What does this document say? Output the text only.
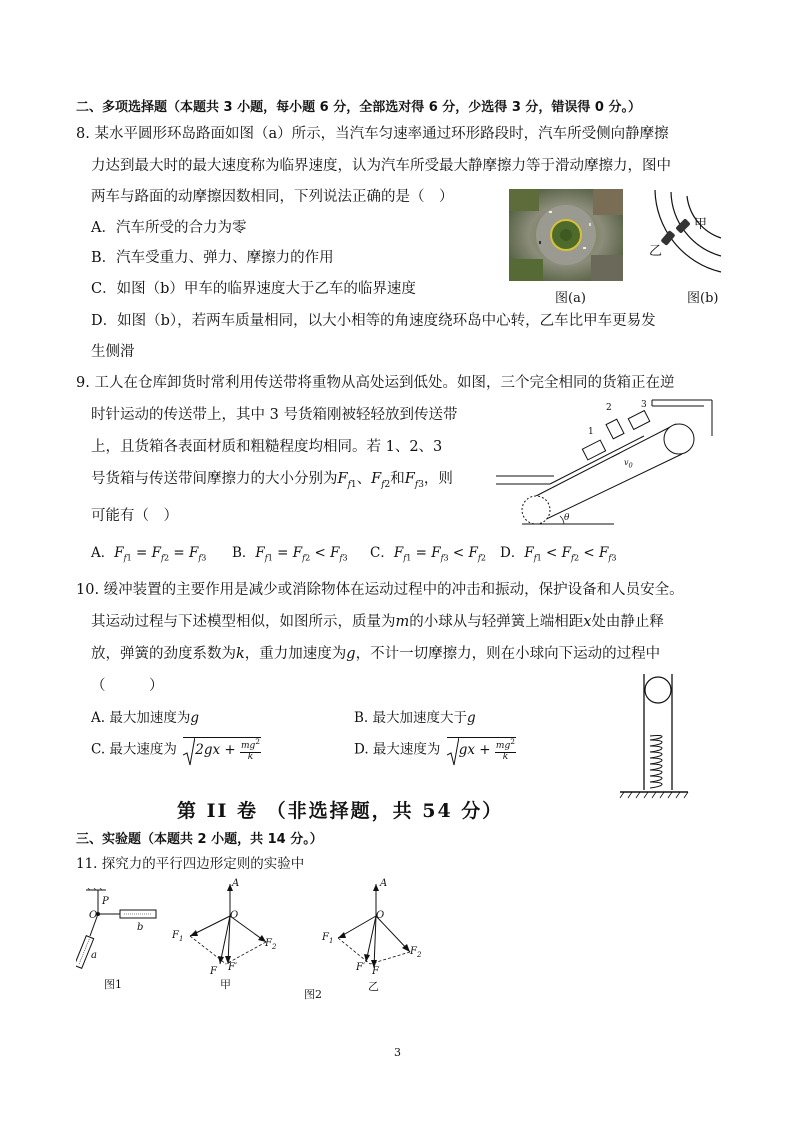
二、多项选择题（本题共 3 小题，每小题 6 分，全部选对得 6 分，少选得 3 分，错误得 0 分。）
8. 某水平圆形环岛路面如图（a）所示，当汽车匀速率通过环形路段时，汽车所受侧向静摩擦
力达到最大时的最大速度称为临界速度，认为汽车所受最大静摩擦力等于滑动摩擦力，图中
两车与路面的动摩擦因数相同，下列说法正确的是（　）
A．汽车所受的合力为零
B．汽车受重力、弹力、摩擦力的作用
C．如图（b）甲车的临界速度大于乙车的临界速度
D．如图（b），若两车质量相同，以大小相等的角速度绕环岛中心转，乙车比甲车更易发
生侧滑
图(a)
甲
乙
图(b)
9. 工人在仓库卸货时常利用传送带将重物从高处运到低处。如图，三个完全相同的货箱正在逆
时针运动的传送带上，其中 3 号货箱刚被轻轻放到传送带
上，且货箱各表面材质和粗糙程度均相同。若 1、2、3
号货箱与传送带间摩擦力的大小分别为$F_{f1}$、$F_{f2}$和$F_{f3}$，则
可能有（　）
1
2	3
$v_0$
θ
A．$F_{f1} = F_{f2} = F_{f3}$ B．$F_{f1} = F_{f2} < F_{f3}$ C．$F_{f1} = F_{f3} < F_{f2}$ D．$F_{f1} < F_{f2} < F_{f3}$
10. 缓冲装置的主要作用是减少或消除物体在运动过程中的冲击和振动，保护设备和人员安全。
其运动过程与下述模型相似，如图所示，质量为m的小球从与轻弹簧上端相距x处由静止释
放，弹簧的劲度系数为k，重力加速度为g，不计一切摩擦力，则在小球向下运动的过程中
（　　　）
A. 最大加速度为g	B. 最大加速度大于g
C. 最大速度为 $2gx + \frac{mg^2}{k}$	D. 最大速度为 gx + $\frac{mg^2}{k}$
第 II 卷 （非选择题，共 54 分）
三、实验题（本题共 2 小题，共 14 分。）
11. 探究力的平行四边形定则的实验中
P
O
b
a
图1
A
O
$F_1$	$F_2$
F F′
甲
A
O
$F_1$
$F_2$
F′ F
乙
图2
3
